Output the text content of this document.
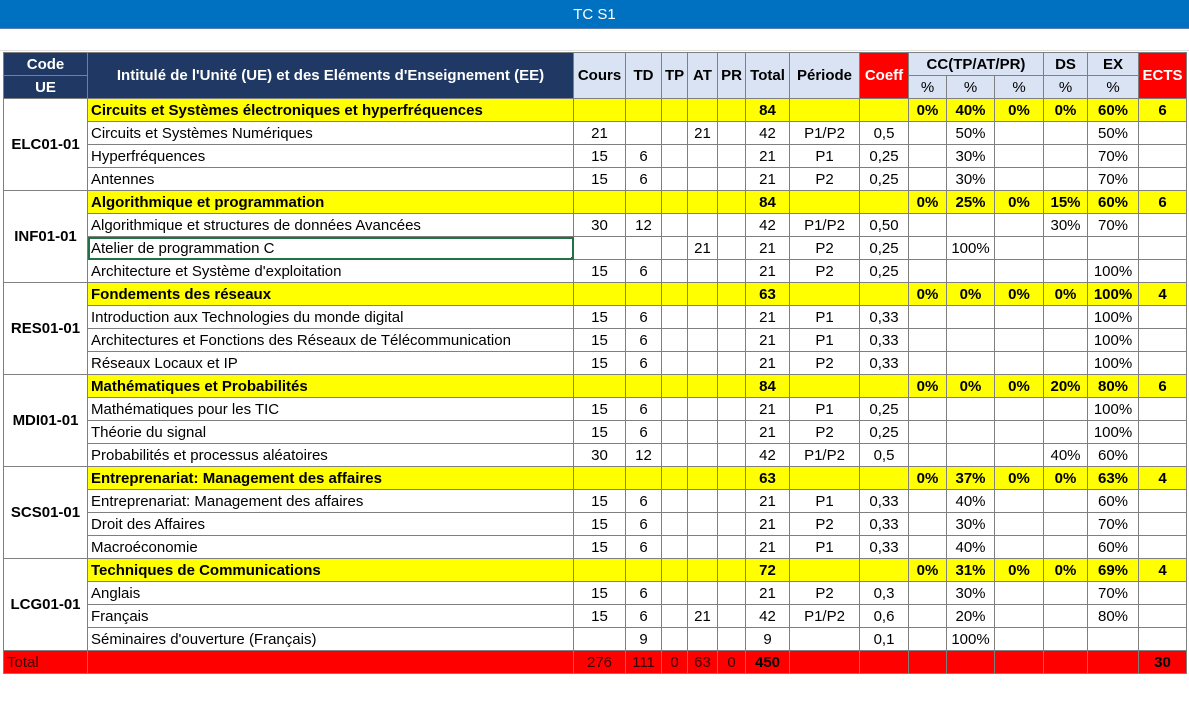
TC S1
Code	Intitulé de l'Unité (UE) et des Eléments d'Enseignement (EE)	Cours	TD	TP	AT	PR	Total	Période	Coeff	CC(TP/AT/PR)			DS	EX	ECTS
UE										%	%	%	%	%	
ELC01-01	Circuits et Systèmes électroniques et hyperfréquences						84			0%	40%	0%	0%	60%	6
	Circuits et Systèmes Numériques	21			21		42	P1/P2	0,5		50%			50%	
	Hyperfréquences	15	6				21	P1	0,25		30%			70%	
	Antennes	15	6				21	P2	0,25		30%			70%	
INF01-01	Algorithmique et programmation						84			0%	25%	0%	15%	60%	6
	Algorithmique et structures de données Avancées	30	12				42	P1/P2	0,50				30%	70%	
	Atelier de programmation C				21		21	P2	0,25		100%				
	Architecture et Système d'exploitation	15	6				21	P2	0,25					100%	
RES01-01	Fondements des réseaux						63			0%	0%	0%	0%	100%	4
	Introduction aux Technologies du monde digital	15	6				21	P1	0,33					100%	
	Architectures et Fonctions des Réseaux de Télécommunication	15	6				21	P1	0,33					100%	
	Réseaux Locaux et IP	15	6				21	P2	0,33					100%	
MDI01-01	Mathématiques et Probabilités						84			0%	0%	0%	20%	80%	6
	Mathématiques pour les TIC	15	6				21	P1	0,25					100%	
	Théorie du signal	15	6				21	P2	0,25					100%	
	Probabilités et processus aléatoires	30	12				42	P1/P2	0,5				40%	60%	
SCS01-01	Entreprenariat: Management des affaires						63			0%	37%	0%	0%	63%	4
	Entreprenariat: Management des affaires	15	6				21	P1	0,33		40%			60%	
	Droit des Affaires	15	6				21	P2	0,33		30%			70%	
	Macroéconomie	15	6				21	P1	0,33		40%			60%	
LCG01-01	Techniques de Communications						72			0%	31%	0%	0%	69%	4
	Anglais	15	6				21	P2	0,3		30%			70%	
	Français	15	6		21		42	P1/P2	0,6		20%			80%	
	Séminaires d'ouverture (Français)		9				9		0,1		100%				
Total		276	111	0	63	0	450								30
